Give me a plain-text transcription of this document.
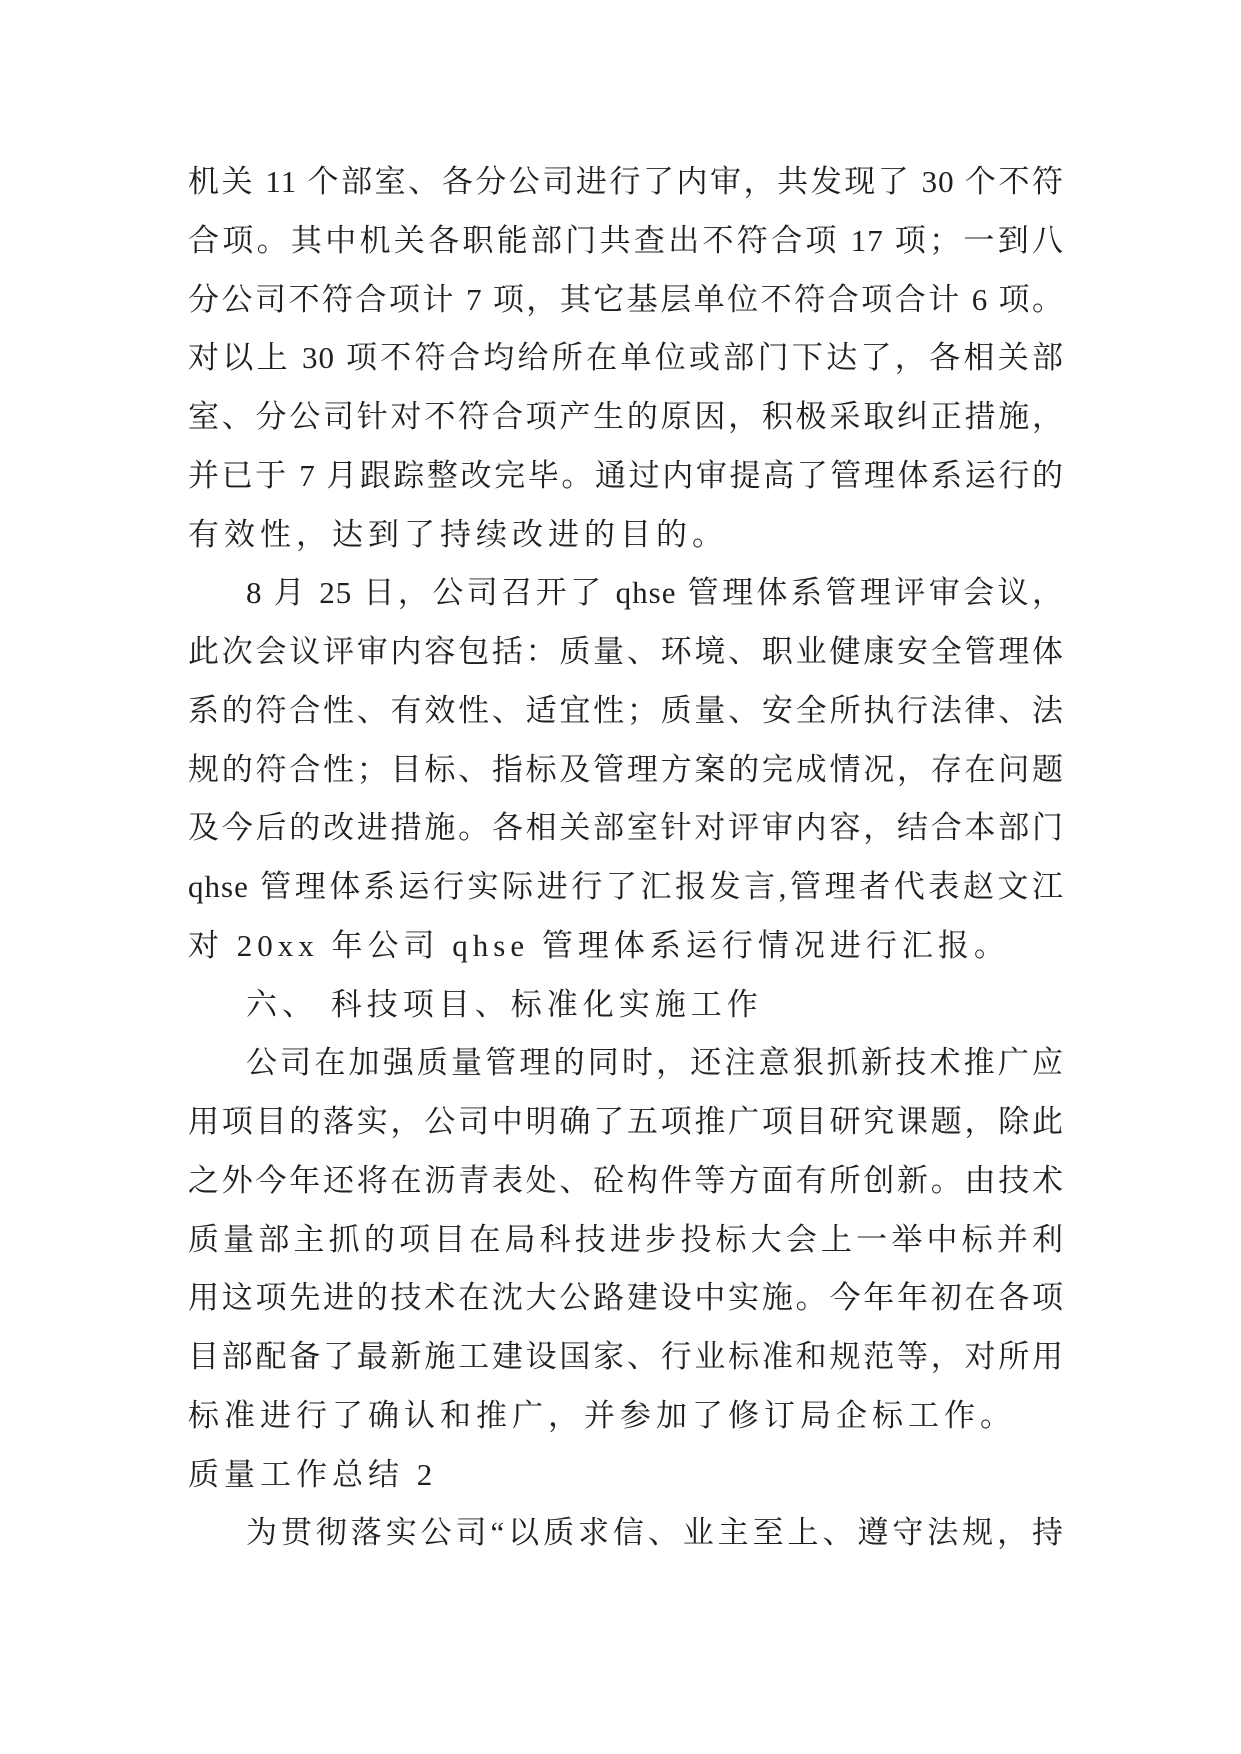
机关 11 个部室、各分公司进行了内审，共发现了 30 个不符
合项。其中机关各职能部门共查出不符合项 17 项；一到八
分公司不符合项计 7 项，其它基层单位不符合项合计 6 项。
对以上 30 项不符合均给所在单位或部门下达了，各相关部
室、分公司针对不符合项产生的原因，积极采取纠正措施，
并已于 7 月跟踪整改完毕。通过内审提高了管理体系运行的
有效性，达到了持续改进的目的。
8 月 25 日，公司召开了 qhse 管理体系管理评审会议，
此次会议评审内容包括：质量、环境、职业健康安全管理体
系的符合性、有效性、适宜性；质量、安全所执行法律、法
规的符合性；目标、指标及管理方案的完成情况，存在问题
及今后的改进措施。各相关部室针对评审内容，结合本部门
qhse 管理体系运行实际进行了汇报发言,管理者代表赵文江
对 20xx 年公司 qhse 管理体系运行情况进行汇报。
六、 科技项目、标准化实施工作
公司在加强质量管理的同时，还注意狠抓新技术推广应
用项目的落实，公司中明确了五项推广项目研究课题，除此
之外今年还将在沥青表处、砼构件等方面有所创新。由技术
质量部主抓的项目在局科技进步投标大会上一举中标并利
用这项先进的技术在沈大公路建设中实施。今年年初在各项
目部配备了最新施工建设国家、行业标准和规范等，对所用
标准进行了确认和推广，并参加了修订局企标工作。
质量工作总结 2
为贯彻落实公司“以质求信、业主至上、遵守法规，持
